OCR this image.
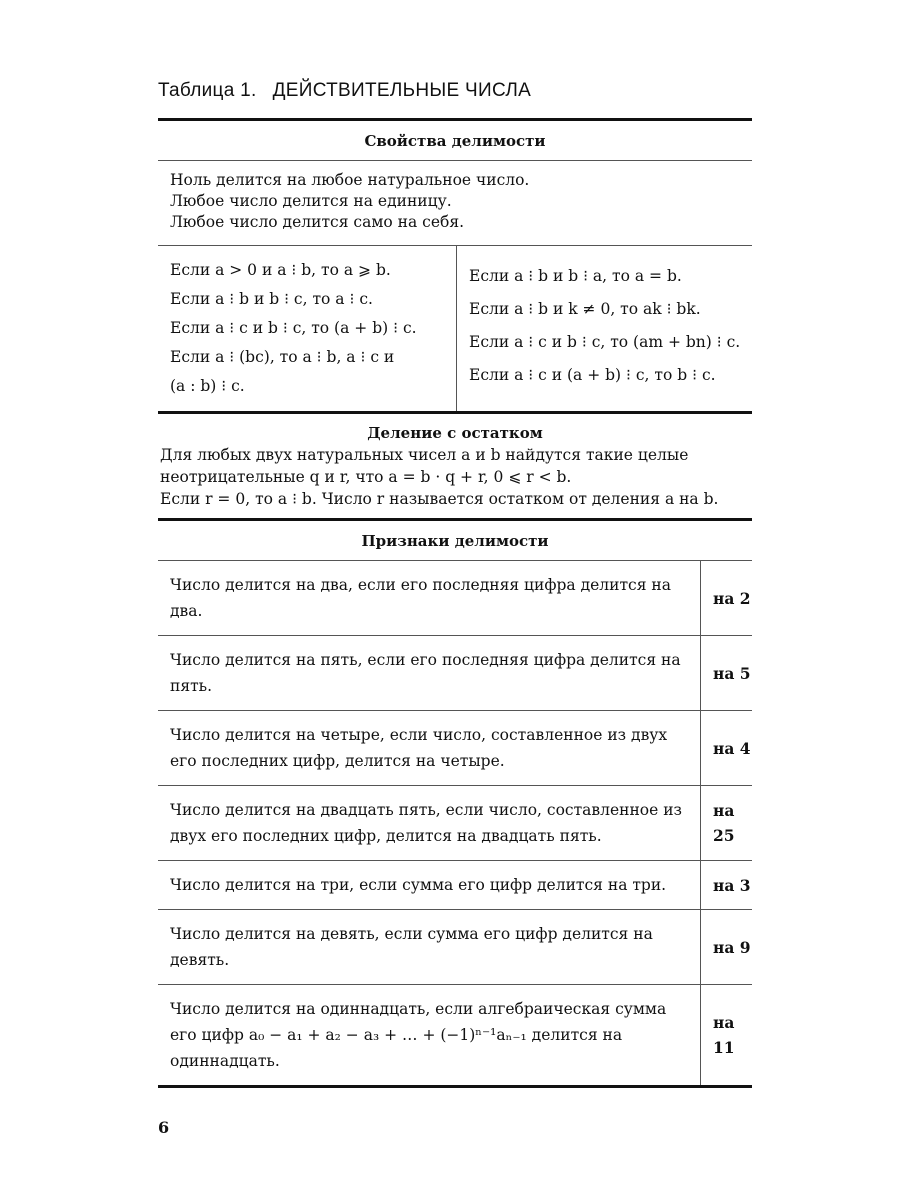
Таблица 1. ДЕЙСТВИТЕЛЬНЫЕ ЧИСЛА
Свойства делимости
Ноль делится на любое натуральное число.
Любое число делится на единицу.
Любое число делится само на себя.
Если a > 0 и a ⁝ b, то a ⩾ b.
Если a ⁝ b и b ⁝ c, то a ⁝ c.
Если a ⁝ c и b ⁝ c, то (a + b) ⁝ c.
Если a ⁝ (bc), то a ⁝ b, a ⁝ c и
(a : b) ⁝ c.
Если a ⁝ b и b ⁝ a, то a = b.
Если a ⁝ b и k ≠ 0, то ak ⁝ bk.
Если a ⁝ c и b ⁝ c, то (am + bn) ⁝ c.
Если a ⁝ c и (a + b) ⁝ c, то b ⁝ c.
Деление с остатком
Для любых двух натуральных чисел a и b найдутся такие целые
неотрицательные q и r, что a = b · q + r, 0 ⩽ r < b.
Если r = 0, то a ⁝ b. Число r называется остатком от деления a на b.
Признаки делимости
Число делится на два, если его последняя цифра делится на два.
на 2
Число делится на пять, если его последняя цифра делится на пять.
на 5
Число делится на четыре, если число, составленное из двух его последних цифр, делится на четыре.
на 4
Число делится на двадцать пять, если число, составленное из двух его последних цифр, делится на двадцать пять.
на 25
Число делится на три, если сумма его цифр делится на три.	на 3
Число делится на девять, если сумма его цифр делится на девять.
на 9
Число делится на одиннадцать, если алгебраическая сумма его цифр a₀ − a₁ + a₂ − a₃ + … + (−1)ⁿ⁻¹aₙ₋₁ делится на одиннадцать.
на 11
6
